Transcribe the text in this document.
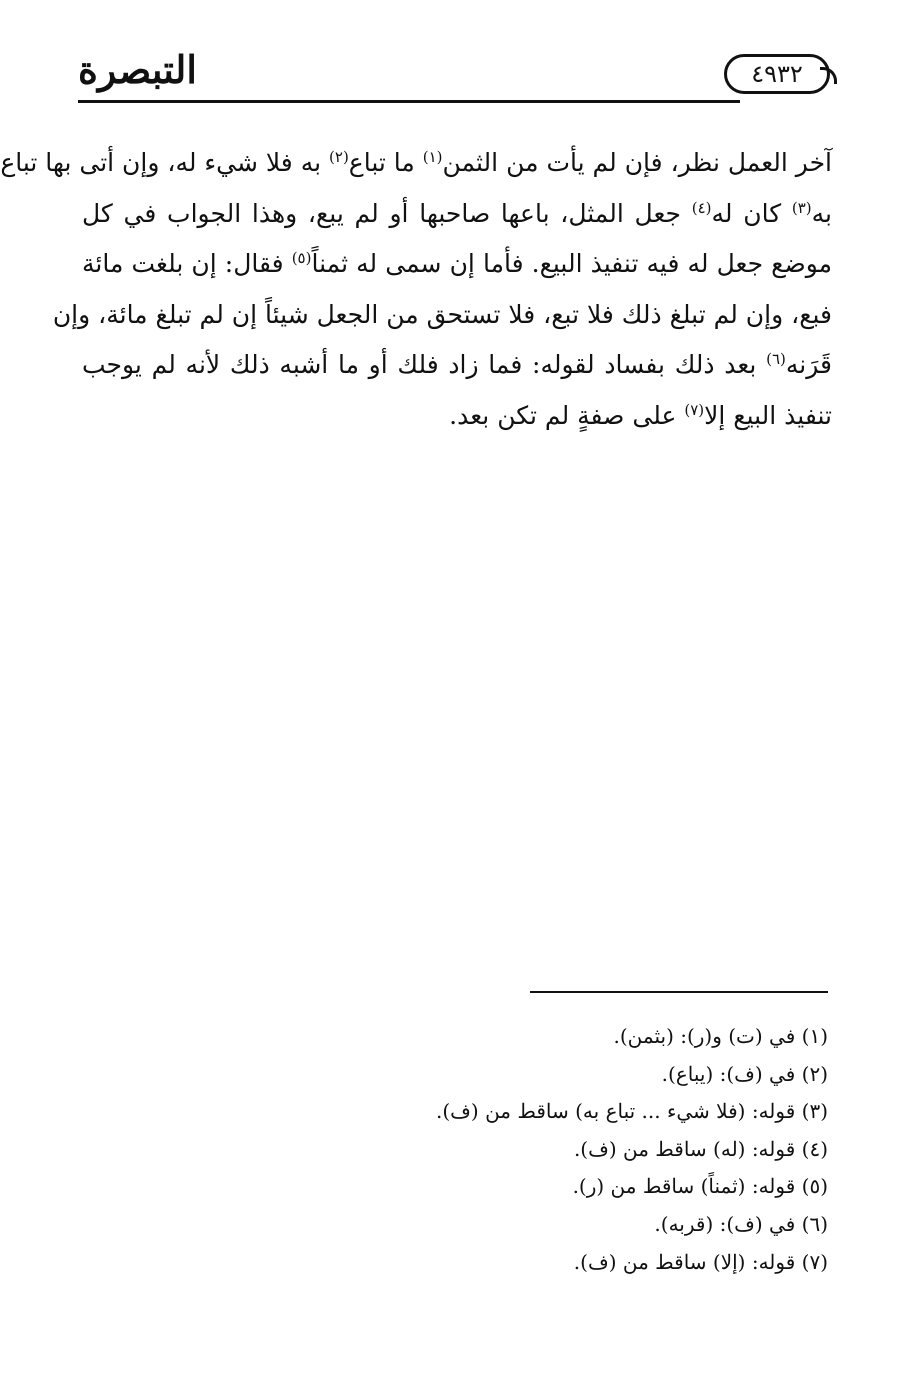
التبصرة	٤٩٣٢
آخر العمل نظر، فإن لم يأت من الثمن$^{(١)}$ ما تباع$^{(٢)}$ به فلا شيء له، وإن أتى بها تباع
به$^{(٣)}$ كان له$^{(٤)}$ جعل المثل، باعها صاحبها أو لم يبع، وهذا الجواب في كل
موضع جعل له فيه تنفيذ البيع. فأما إن سمى له ثمناً$^{(٥)}$ فقال: إن بلغت مائة
فبع، وإن لم تبلغ ذلك فلا تبع، فلا تستحق من الجعل شيئاً إن لم تبلغ مائة، وإن
قَرَنه$^{(٦)}$ بعد ذلك بفساد لقوله: فما زاد فلك أو ما أشبه ذلك لأنه لم يوجب
تنفيذ البيع إلا$^{(٧)}$ على صفةٍ لم تكن بعد.
(١) في (ت) و(ر): (بثمن).
(٢) في (ف): (يباع).
(٣) قوله: (فلا شيء ... تباع به) ساقط من (ف).
(٤) قوله: (له) ساقط من (ف).
(٥) قوله: (ثمناً) ساقط من (ر).
(٦) في (ف): (قربه).
(٧) قوله: (إلا) ساقط من (ف).
